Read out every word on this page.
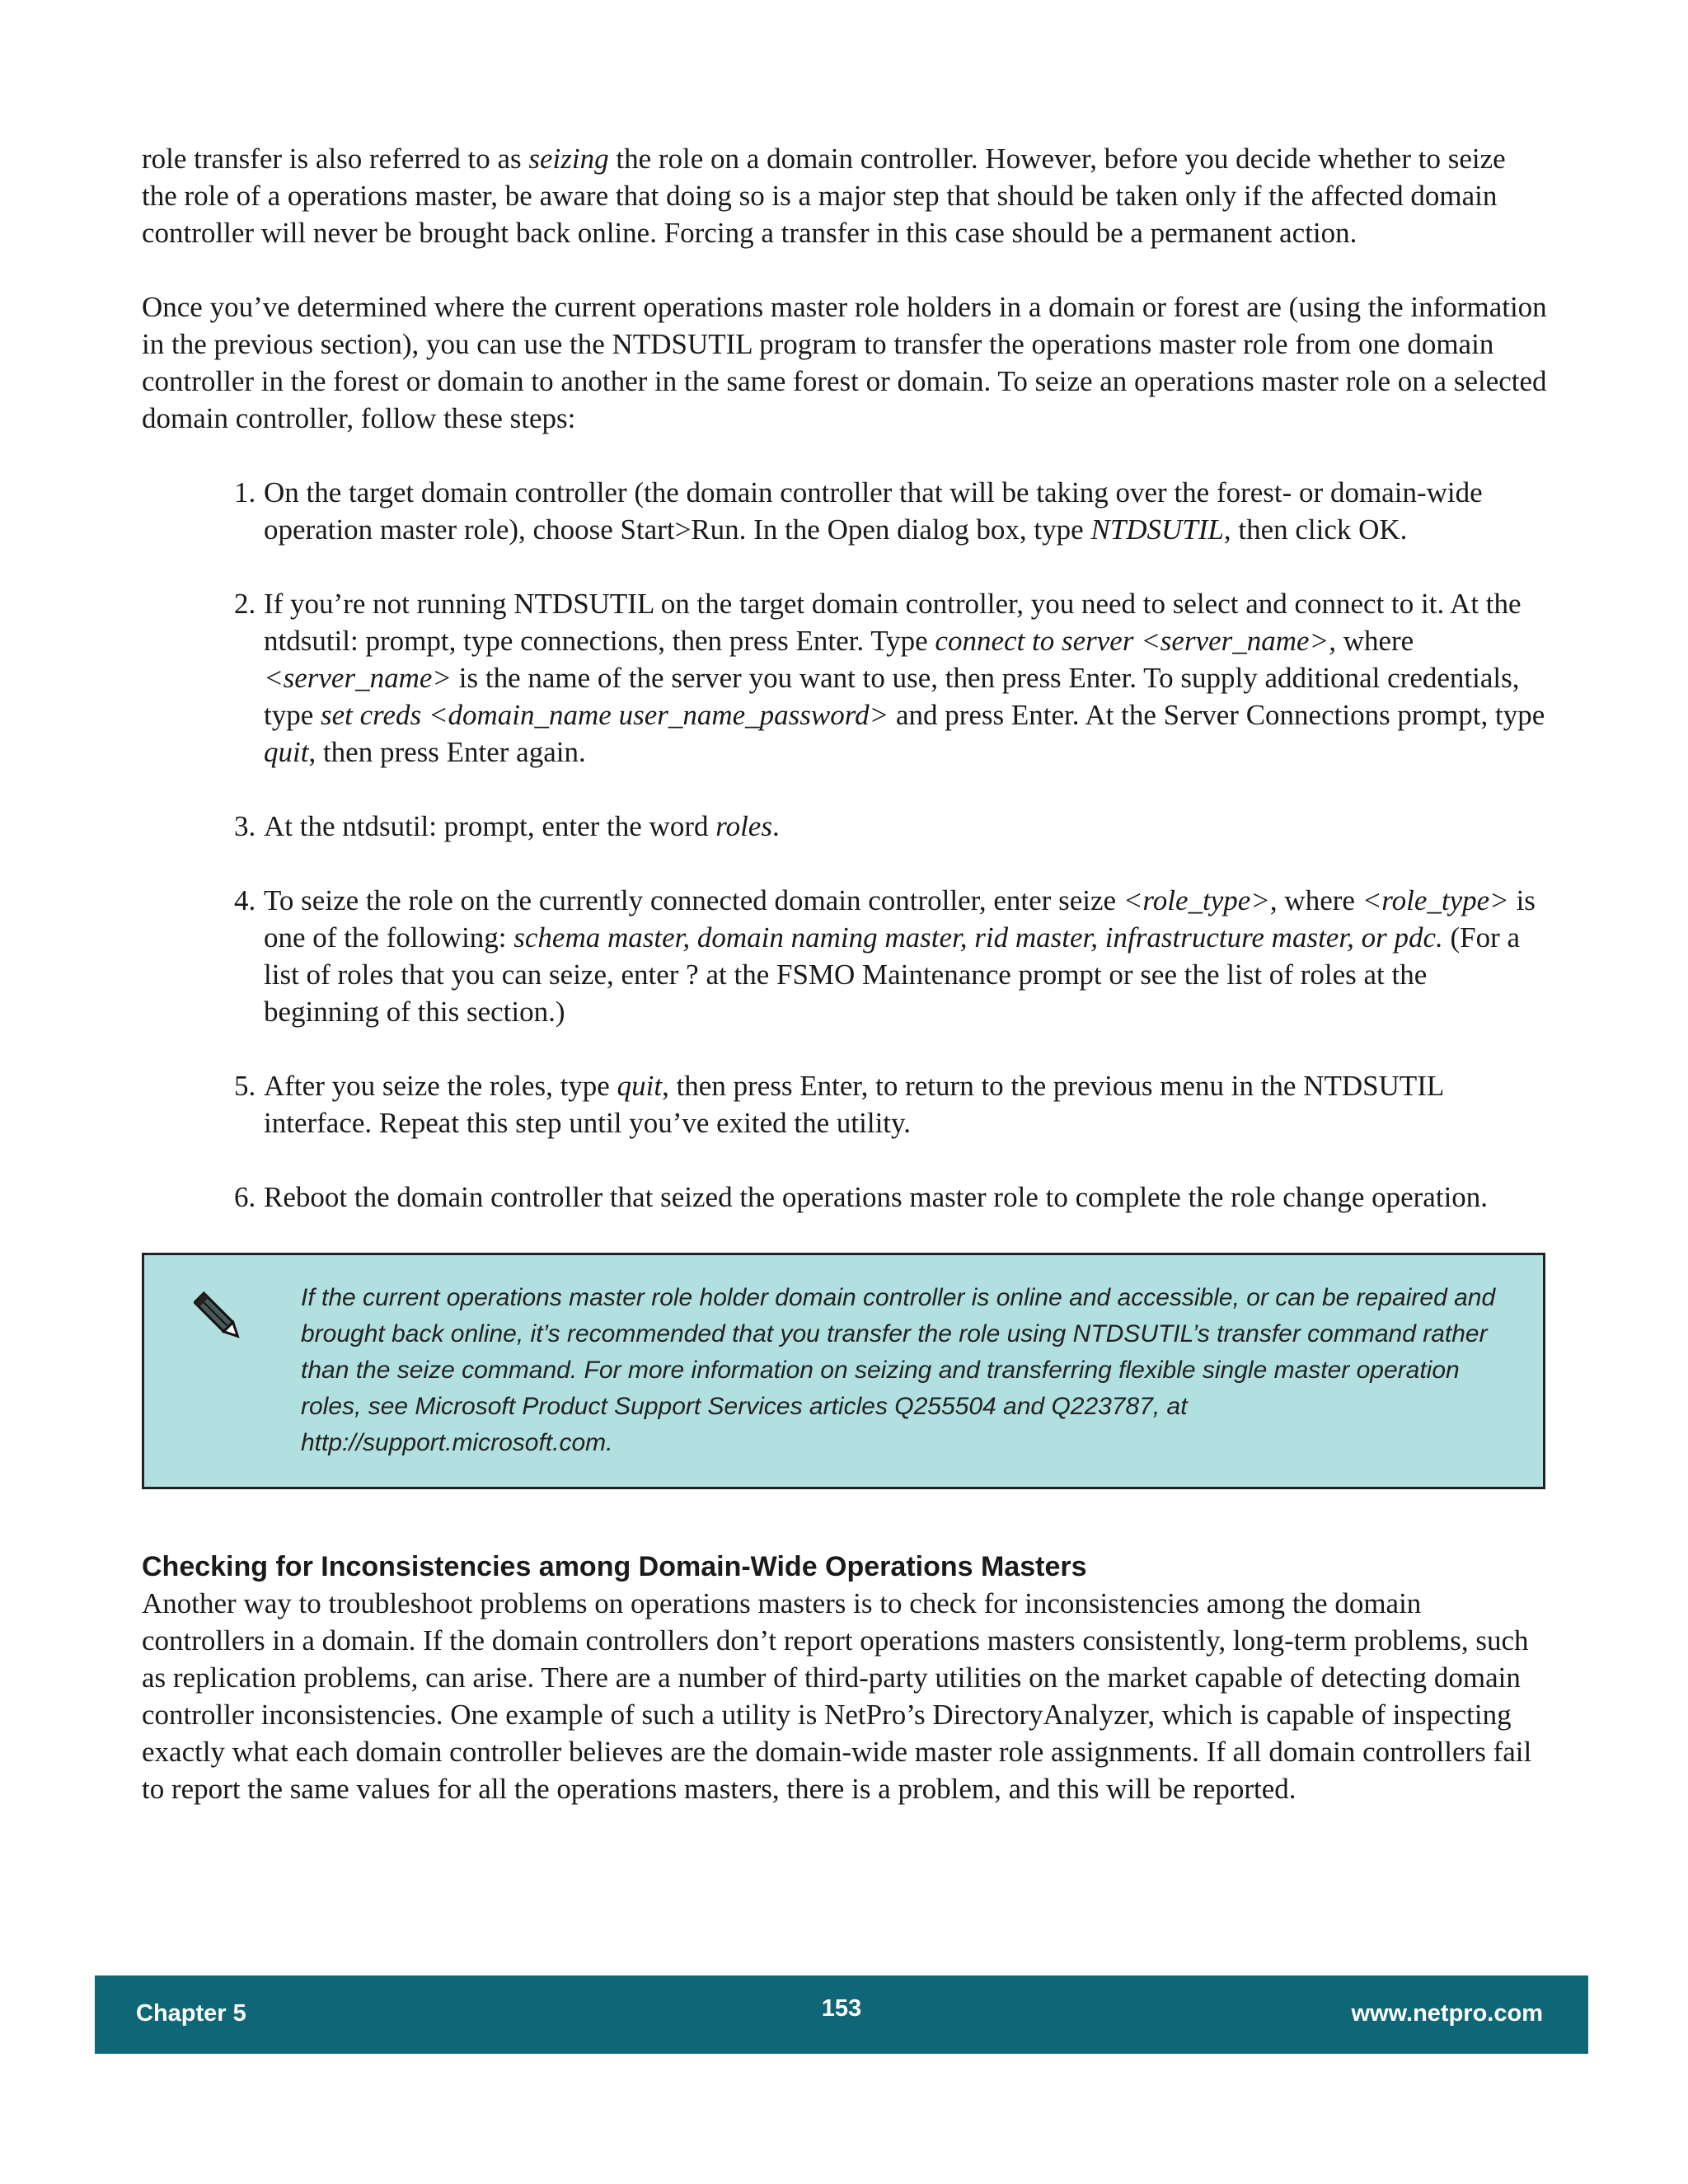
role transfer is also referred to as seizing the role on a domain controller. However, before you decide whether to seize the role of a operations master, be aware that doing so is a major step that should be taken only if the affected domain controller will never be brought back online. Forcing a transfer in this case should be a permanent action.

Once you’ve determined where the current operations master role holders in a domain or forest are (using the information in the previous section), you can use the NTDSUTIL program to transfer the operations master role from one domain controller in the forest or domain to another in the same forest or domain. To seize an operations master role on a selected domain controller, follow these steps:

1. On the target domain controller (the domain controller that will be taking over the forest- or domain-wide operation master role), choose Start>Run. In the Open dialog box, type NTDSUTIL, then click OK.
2. If you’re not running NTDSUTIL on the target domain controller, you need to select and connect to it. At the ntdsutil: prompt, type connections, then press Enter. Type connect to server <server_name>, where <server_name> is the name of the server you want to use, then press Enter. To supply additional credentials, type set creds <domain_name user_name_password> and press Enter. At the Server Connections prompt, type quit, then press Enter again.
3. At the ntdsutil: prompt, enter the word roles.
4. To seize the role on the currently connected domain controller, enter seize <role_type>, where <role_type> is one of the following: schema master, domain naming master, rid master, infrastructure master, or pdc. (For a list of roles that you can seize, enter ? at the FSMO Maintenance prompt or see the list of roles at the beginning of this section.)
5. After you seize the roles, type quit, then press Enter, to return to the previous menu in the NTDSUTIL interface. Repeat this step until you’ve exited the utility.
6. Reboot the domain controller that seized the operations master role to complete the role change operation.
If the current operations master role holder domain controller is online and accessible, or can be repaired and brought back online, it’s recommended that you transfer the role using NTDSUTIL’s transfer command rather than the seize command. For more information on seizing and transferring flexible single master operation roles, see Microsoft Product Support Services articles Q255504 and Q223787, at http://support.microsoft.com.
Checking for Inconsistencies among Domain-Wide Operations Masters

Another way to troubleshoot problems on operations masters is to check for inconsistencies among the domain controllers in a domain. If the domain controllers don’t report operations masters consistently, long-term problems, such as replication problems, can arise. There are a number of third-party utilities on the market capable of detecting domain controller inconsistencies. One example of such a utility is NetPro’s DirectoryAnalyzer, which is capable of inspecting exactly what each domain controller believes are the domain-wide master role assignments. If all domain controllers fail to report the same values for all the operations masters, there is a problem, and this will be reported.

Chapter 5	153	www.netpro.com
